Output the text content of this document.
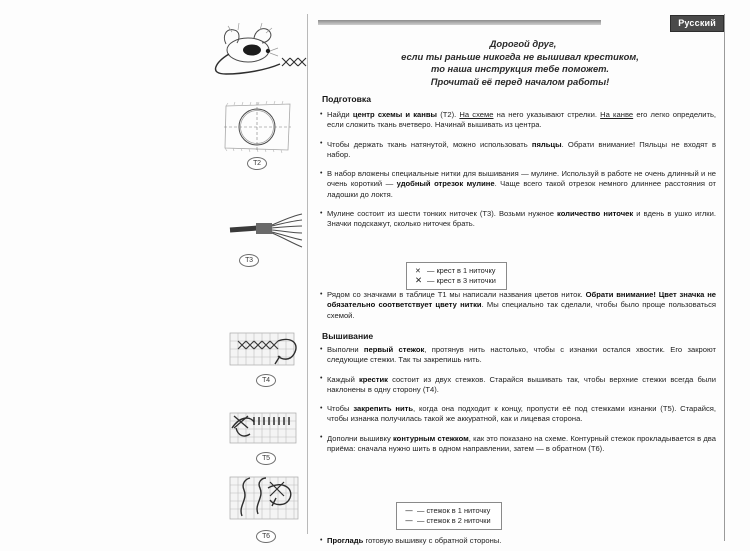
T2
T3
T4
T5
T6
Русский
Дорогой друг,
если ты раньше никогда не вышивал крестиком,
то наша инструкция тебе поможет.
Прочитай её перед началом работы!
Подготовка
• Найди центр схемы и канвы (T2). На схеме на него указывают стрелки. На канве его легко определить, если сложить ткань вчетверо. Начинай вышивать из центра.
• Чтобы держать ткань натянутой, можно использовать пяльцы. Обрати внимание! Пяльцы не входят в набор.
• В набор вложены специальные нитки для вышивания — мулине. Используй в работе не очень длинный и не очень короткий — удобный отрезок мулине. Чаще всего такой отрезок немного длиннее расстояния от ладошки до локтя.
• Мулине состоит из шести тонких ниточек (T3). Возьми нужное количество ниточек и вдень в ушко иглки. Значки подскажут, сколько ниточек брать.
✕ — крест в 1 ниточку
✕ — крест в 3 ниточки
• Рядом со значками в таблице T1 мы написали названия цветов ниток. Обрати внимание! Цвет значка не обязательно соответствует цвету нитки. Мы специально так сделали, чтобы было проще пользоваться схемой.
Вышивание
• Выполни первый стежок, протянув нить настолько, чтобы с изнанки остался хвостик. Его закроют следующие стежки. Так ты закрепишь нить.
• Каждый крестик состоит из двух стежков. Старайся вышивать так, чтобы верхние стежки всегда были наклонены в одну сторону (T4).
• Чтобы закрепить нить, когда она подходит к концу, пропусти её под стежками изнанки (T5). Старайся, чтобы изнанка получилась такой же аккуратной, как и лицевая сторона.
• Дополни вышивку контурным стежком, как это показано на схеме. Контурный стежок прокладывается в два приёма: сначала нужно шить в одном направлении, затем — в обратном (T6).
— — стежок в 1 ниточку
— — стежок в 2 ниточки
• Прогладь готовую вышивку с обратной стороны.
